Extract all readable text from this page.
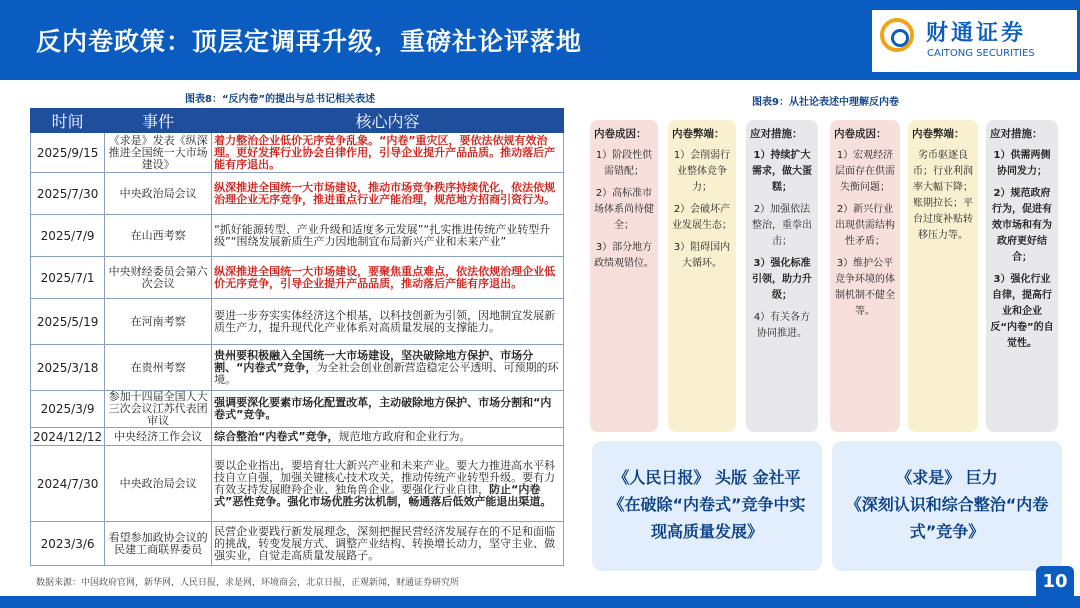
反内卷政策：顶层定调再升级，重磅社论评落地	财通证券
CAITONG SECURITIES
图表8：“反内卷”的提出与总书记相关表述
时间	事件	核心内容
2025/9/15	《求是》发表《纵深推进全国统一大市场建设》	着力整治企业低价无序竞争乱象。“内卷”重灾区，要依法依规有效治理。更好发挥行业协会自律作用，引导企业提升产品品质。推动落后产能有序退出。
2025/7/30	中央政治局会议	纵深推进全国统一大市场建设，推动市场竞争秩序持续优化，依法依规治理企业无序竞争，推进重点行业产能治理，规范地方招商引资行为。
2025/7/9	在山西考察	“抓好能源转型、产业升级和适度多元发展”“扎实推进传统产业转型升级”“围绕发展新质生产力因地制宜布局新兴产业和未来产业”
2025/7/1	中央财经委员会第六次会议	纵深推进全国统一大市场建设，要聚焦重点难点，依法依规治理企业低价无序竞争，引导企业提升产品品质，推动落后产能有序退出。
2025/5/19	在河南考察	要进一步夯实实体经济这个根基，以科技创新为引领，因地制宜发展新质生产力，提升现代化产业体系对高质量发展的支撑能力。
2025/3/18	在贵州考察	贵州要积极融入全国统一大市场建设，坚决破除地方保护、市场分割、“内卷式”竞争，为全社会创业创新营造稳定公平透明、可预期的环境。
2025/3/9	参加十四届全国人大三次会议江苏代表团审议	强调要深化要素市场化配置改革，主动破除地方保护、市场分割和“内卷式”竞争。
2024/12/12	中央经济工作会议	综合整治“内卷式”竞争，规范地方政府和企业行为。
2024/7/30	中央政治局会议	要以企业指出，要培育壮大新兴产业和未来产业。要大力推进高水平科技自立自强，加强关键核心技术攻关，推动传统产业转型升级。要有力有效支持发展瞪羚企业、独角兽企业。要强化行业自律，防止“内卷式”恶性竞争。强化市场优胜劣汰机制，畅通落后低效产能退出渠道。
2023/3/6	看望参加政协会议的民建工商联界委员	民营企业要践行新发展理念，深刻把握民营经济发展存在的不足和面临的挑战，转变发展方式、调整产业结构、转换增长动力，坚守主业、做强实业，自觉走高质量发展路子。
图表9：从社论表述中理解反内卷
内卷成因：

1）阶段性供需错配；

2）高标准市场体系尚待健全；

3）部分地方政绩观错位。

内卷弊端：

1）会削弱行业整体竞争力；

2）会破坏产业发展生态；

3）阻碍国内大循环。

应对措施：

1）持续扩大需求，做大蛋糕；

2）加强依法整治，重拳出击；

3）强化标准引领，助力升级；

4）有关各方协同推进。

内卷成因：

1）宏观经济层面存在供需失衡问题；

2）新兴行业出现供需结构性矛盾；

3）维护公平竞争环境的体制机制不健全等。

内卷弊端：

劣币驱逐良币；行业利润率大幅下降；账期拉长；平台过度补贴转移压力等。

应对措施：

1）供需两侧协同发力；

2）规范政府行为，促进有效市场和有为政府更好结合；

3）强化行业自律，提高行业和企业反“内卷”的自觉性。

《人民日报》 头版 金社平
《在破除“内卷式”竞争中实
现高质量发展》
《求是》 巨力
《深刻认识和综合整治“内卷
式”竞争》
数据来源：中国政府官网，新华网，人民日报，求是网，环境商会，北京日报，正观新闻，财通证券研究所	10
